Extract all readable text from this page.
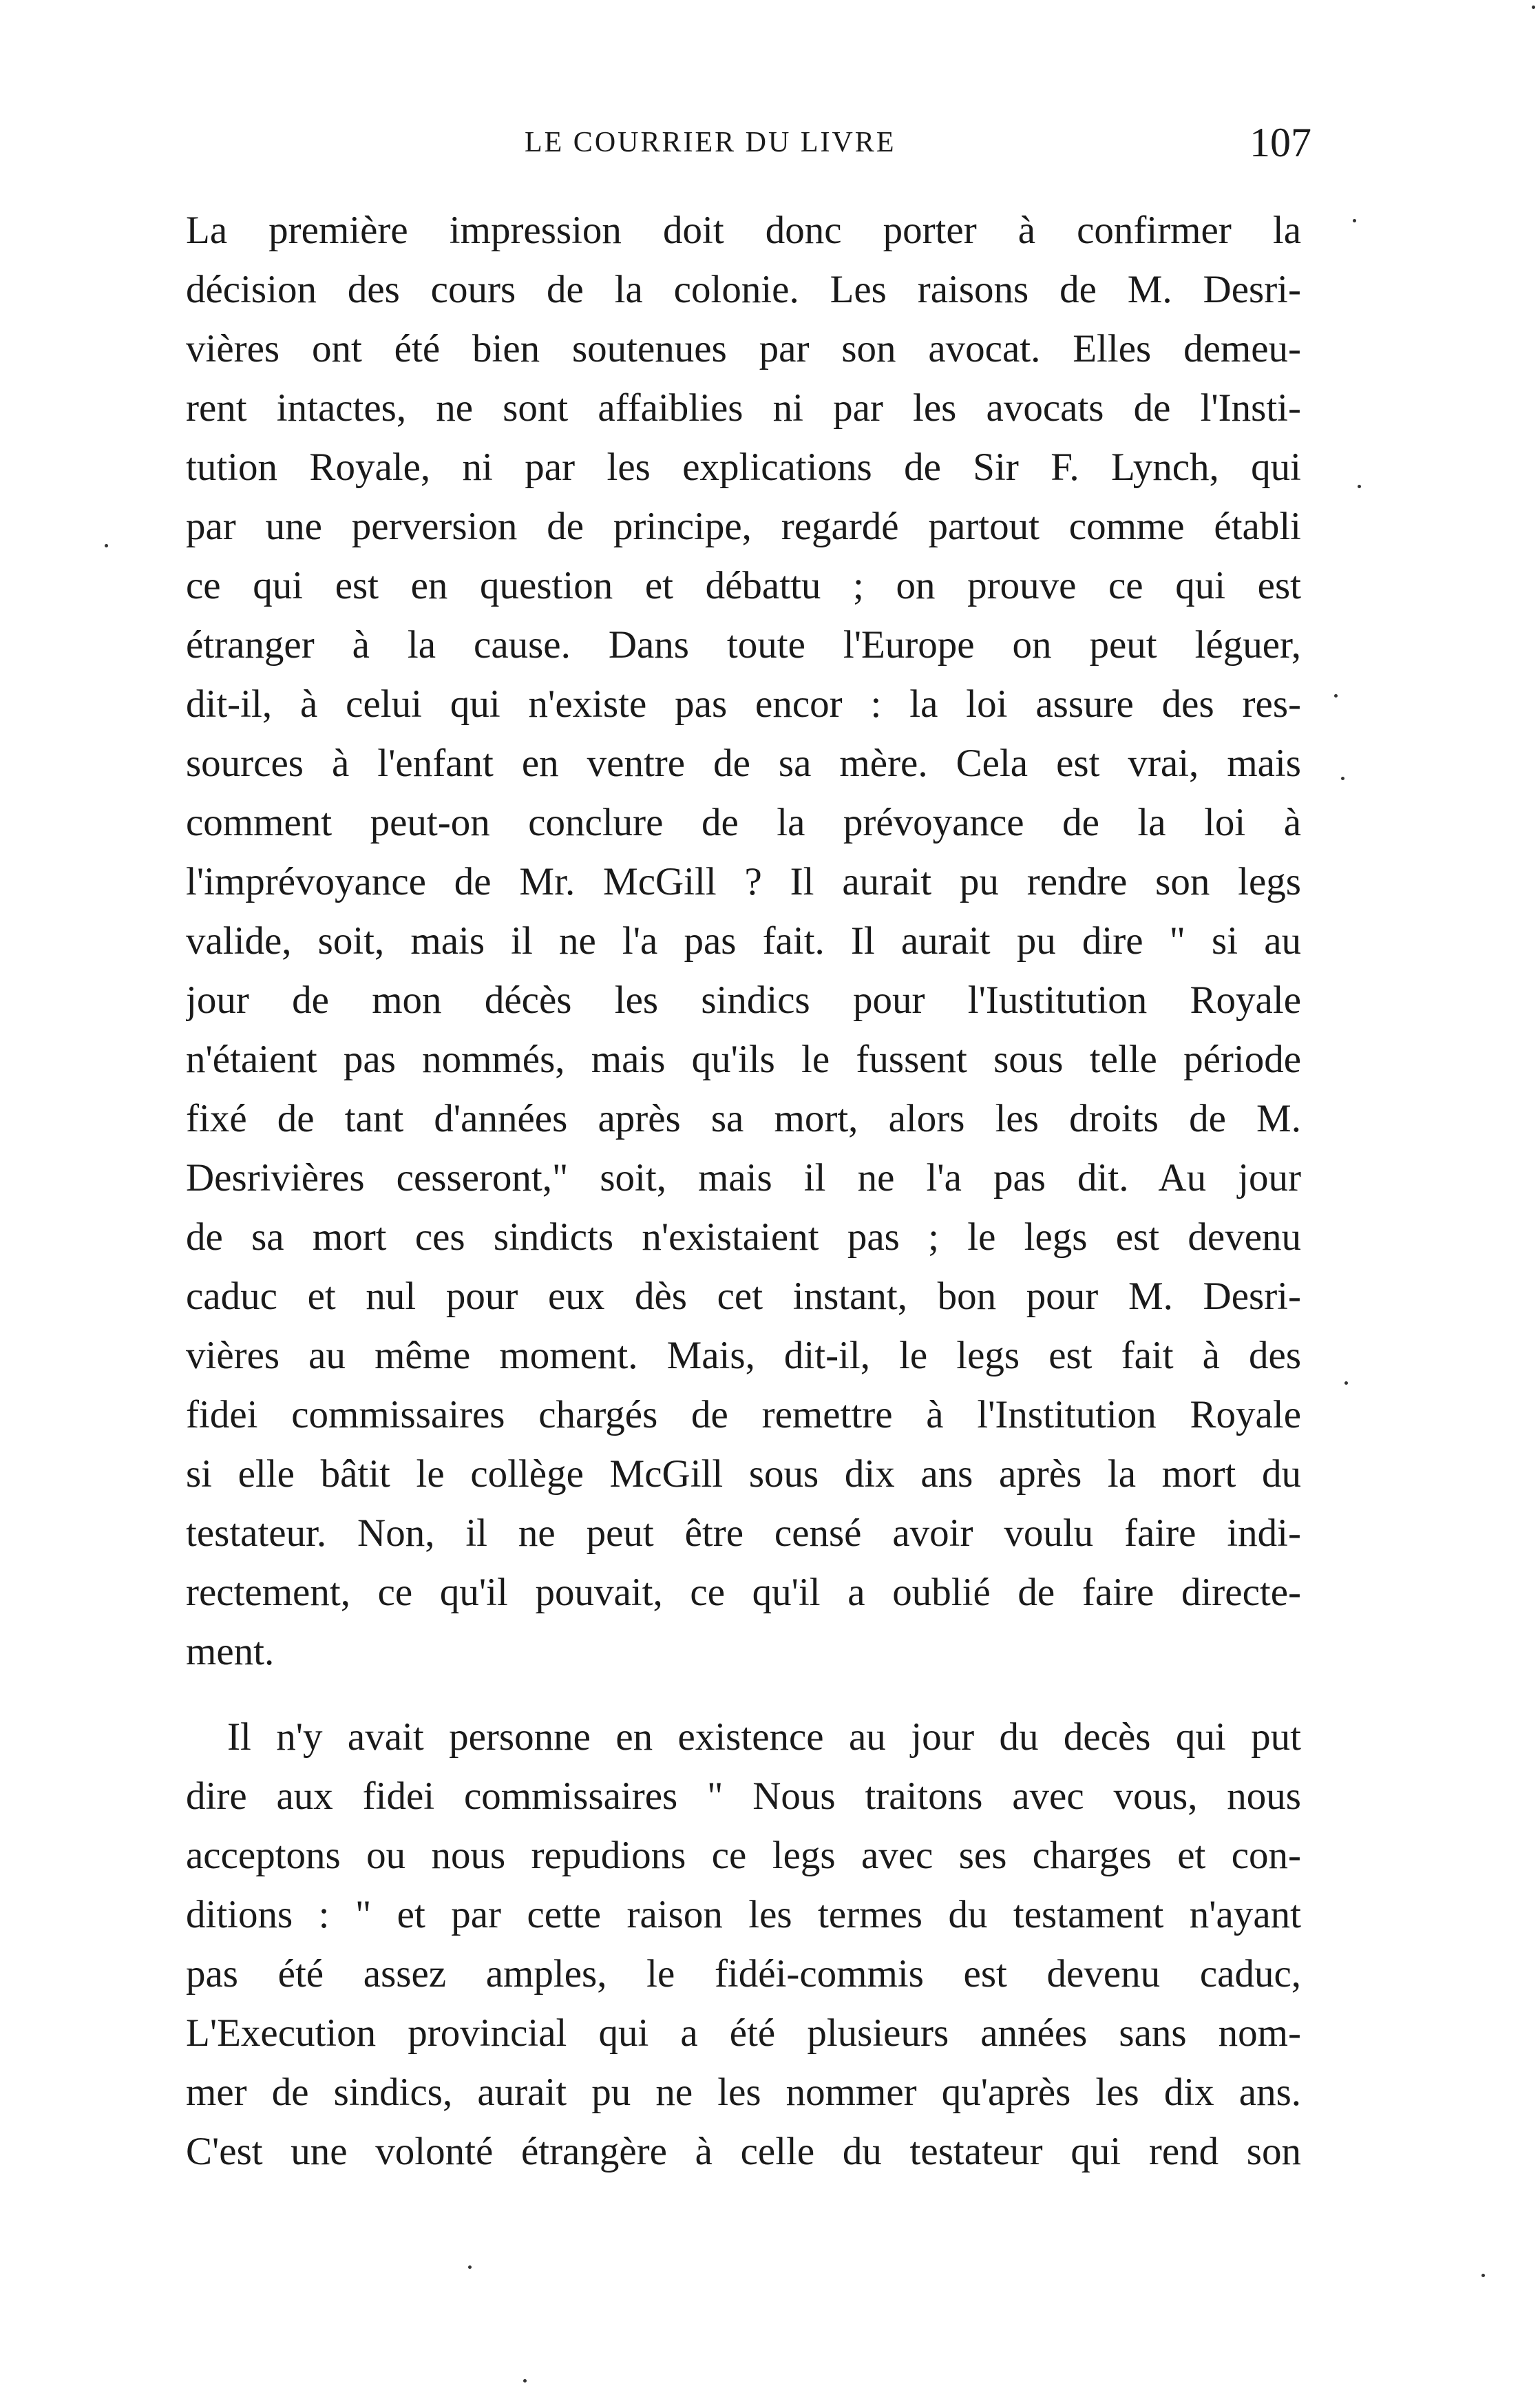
LE COURRIER DU LIVRE	107
La première impression doit donc porter à confirmer la
décision des cours de la colonie. Les raisons de M. Desri-
vières ont été bien soutenues par son avocat. Elles demeu-
rent intactes, ne sont affaiblies ni par les avocats de l'Insti-
tution Royale, ni par les explications de Sir F. Lynch, qui
par une perversion de principe, regardé partout comme établi
ce qui est en question et débattu ; on prouve ce qui est
étranger à la cause. Dans toute l'Europe on peut léguer,
dit-il, à celui qui n'existe pas encor : la loi assure des res-
sources à l'enfant en ventre de sa mère. Cela est vrai, mais
comment peut-on conclure de la prévoyance de la loi à
l'imprévoyance de Mr. McGill ? Il aurait pu rendre son legs
valide, soit, mais il ne l'a pas fait. Il aurait pu dire " si au
jour de mon décès les sindics pour l'Iustitution Royale
n'étaient pas nommés, mais qu'ils le fussent sous telle période
fixé de tant d'années après sa mort, alors les droits de M.
Desrivières cesseront," soit, mais il ne l'a pas dit. Au jour
de sa mort ces sindicts n'existaient pas ; le legs est devenu
caduc et nul pour eux dès cet instant, bon pour M. Desri-
vières au même moment. Mais, dit-il, le legs est fait à des
fidei commissaires chargés de remettre à l'Institution Royale
si elle bâtit le collège McGill sous dix ans après la mort du
testateur. Non, il ne peut être censé avoir voulu faire indi-
rectement, ce qu'il pouvait, ce qu'il a oublié de faire directe-
ment.
Il n'y avait personne en existence au jour du decès qui put
dire aux fidei commissaires " Nous traitons avec vous, nous
acceptons ou nous repudions ce legs avec ses charges et con-
ditions : " et par cette raison les termes du testament n'ayant
pas été assez amples, le fidéi-commis est devenu caduc,
L'Execution provincial qui a été plusieurs années sans nom-
mer de sindics, aurait pu ne les nommer qu'après les dix ans.
C'est une volonté étrangère à celle du testateur qui rend son
